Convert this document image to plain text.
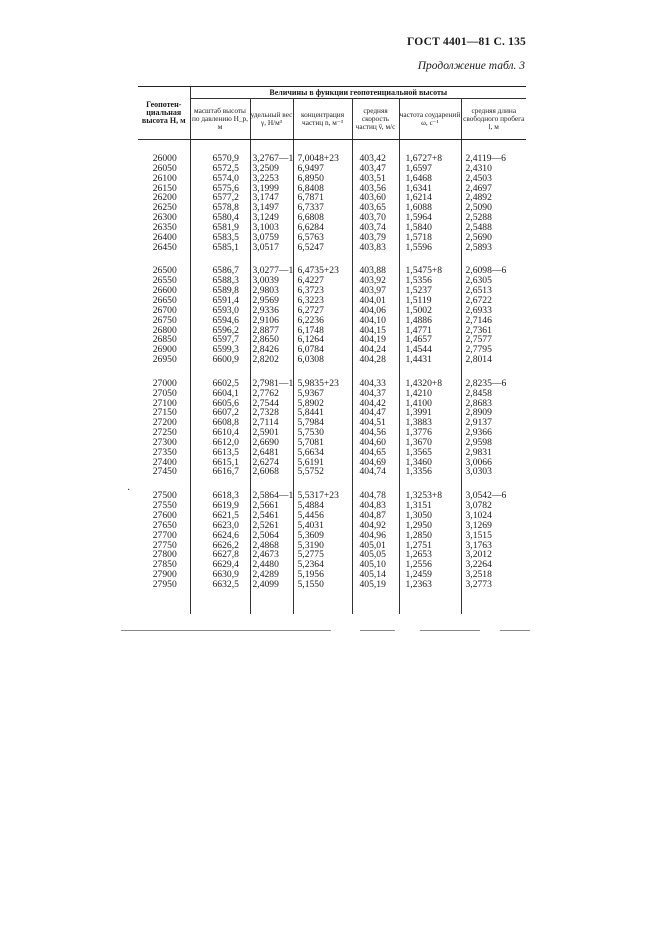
ГОСТ 4401—81 С. 135
Продолжение табл. 3
Геопотен-циальная высота H, м	Величины в функции геопотенциальной высоты					
	масштаб высоты по давлению H_p, м	удельный вес γ, Н/м³	концентрация частиц n, м⁻³	средняя скорость частиц v̄, м/с	частота соударений ω, с⁻¹	средняя длина свободного пробега l, м

26000	6570,9	3,2767—1	7,0048+23	403,42	1,6727+8	2,4119—6
26050	6572,5	3,2509	6,9497	403,47	1,6597	2,4310
26100	6574,0	3,2253	6,8950	403,51	1,6468	2,4503
26150	6575,6	3,1999	6,8408	403,56	1,6341	2,4697
26200	6577,2	3,1747	6,7871	403,60	1,6214	2,4892
26250	6578,8	3,1497	6,7337	403,65	1,6088	2,5090
26300	6580,4	3,1249	6,6808	403,70	1,5964	2,5288
26350	6581,9	3,1003	6,6284	403,74	1,5840	2,5488
26400	6583,5	3,0759	6,5763	403,79	1,5718	2,5690
26450	6585,1	3,0517	6,5247	403,83	1,5596	2,5893

26500	6586,7	3,0277—1	6,4735+23	403,88	1,5475+8	2,6098—6
26550	6588,3	3,0039	6,4227	403,92	1,5356	2,6305
26600	6589,8	2,9803	6,3723	403,97	1,5237	2,6513
26650	6591,4	2,9569	6,3223	404,01	1,5119	2,6722
26700	6593,0	2,9336	6,2727	404,06	1,5002	2,6933
26750	6594,6	2,9106	6,2236	404,10	1,4886	2,7146
26800	6596,2	2,8877	6,1748	404,15	1,4771	2,7361
26850	6597,7	2,8650	6,1264	404,19	1,4657	2,7577
26900	6599,3	2,8426	6,0784	404,24	1,4544	2,7795
26950	6600,9	2,8202	6,0308	404,28	1,4431	2,8014

27000	6602,5	2,7981—1	5,9835+23	404,33	1,4320+8	2,8235—6
27050	6604,1	2,7762	5,9367	404,37	1,4210	2,8458
27100	6605,6	2,7544	5,8902	404,42	1,4100	2,8683
27150	6607,2	2,7328	5,8441	404,47	1,3991	2,8909
27200	6608,8	2,7114	5,7984	404,51	1,3883	2,9137
27250	6610,4	2,5901	5,7530	404,56	1,3776	2,9366
27300	6612,0	2,6690	5,7081	404,60	1,3670	2,9598
27350	6613,5	2,6481	5,6634	404,65	1,3565	2,9831
27400	6615,1	2,6274	5,6191	404,69	1,3460	3,0066
27450	6616,7	2,6068	5,5752	404,74	1,3356	3,0303

27500	6618,3	2,5864—1	5,5317+23	404,78	1,3253+8	3,0542—6
27550	6619,9	2,5661	5,4884	404,83	1,3151	3,0782
27600	6621,5	2,5461	5,4456	404,87	1,3050	3,1024
27650	6623,0	2,5261	5,4031	404,92	1,2950	3,1269
27700	6624,6	2,5064	5,3609	404,96	1,2850	3,1515
27750	6626,2	2,4868	5,3190	405,01	1,2751	3,1763
27800	6627,8	2,4673	5,2775	405,05	1,2653	3,2012
27850	6629,4	2,4480	5,2364	405,10	1,2556	3,2264
27900	6630,9	2,4289	5,1956	405,14	1,2459	3,2518
27950	6632,5	2,4099	5,1550	405,19	1,2363	3,2773

·
